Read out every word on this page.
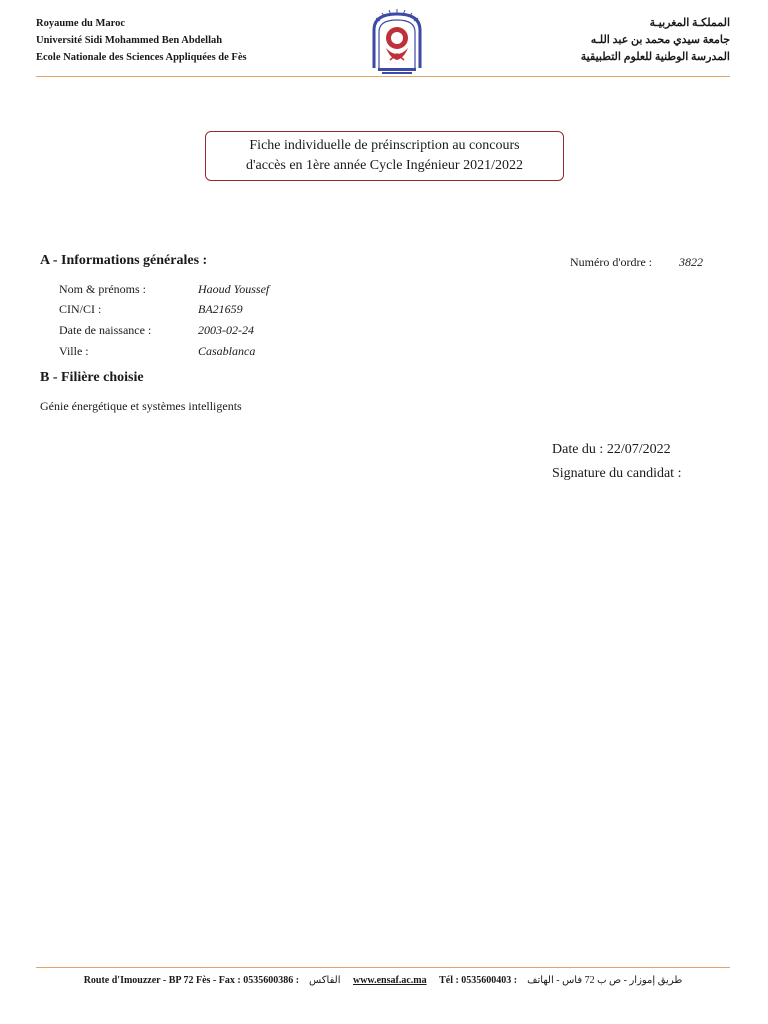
Royaume du Maroc
Université Sidi Mohammed Ben Abdellah
Ecole Nationale des Sciences Appliquées de Fès
المملكـة المغربيـة
جامعة سيدي محمد بن عبد اللـه
المدرسة الوطنية للعلوم التطبيقية
Fiche individuelle de préinscription au concours
d'accès en 1ère année Cycle Ingénieur 2021/2022
A - Informations générales :	Numéro d'ordre : 3822
Nom & prénoms :	Haoud Youssef
CIN/CI :	BA21659
Date de naissance :	2003-02-24
Ville :	Casablanca
B - Filière choisie
Génie énergétique et systèmes intelligents
Date du : 22/07/2022
Signature du candidat :
Route d'Imouzzer - BP 72 Fès - Fax : 0535600386 : الفاكس www.ensaf.ac.ma Tél : 0535600403 : طريق إموزار - ص ب 72 فاس - الهاتف
